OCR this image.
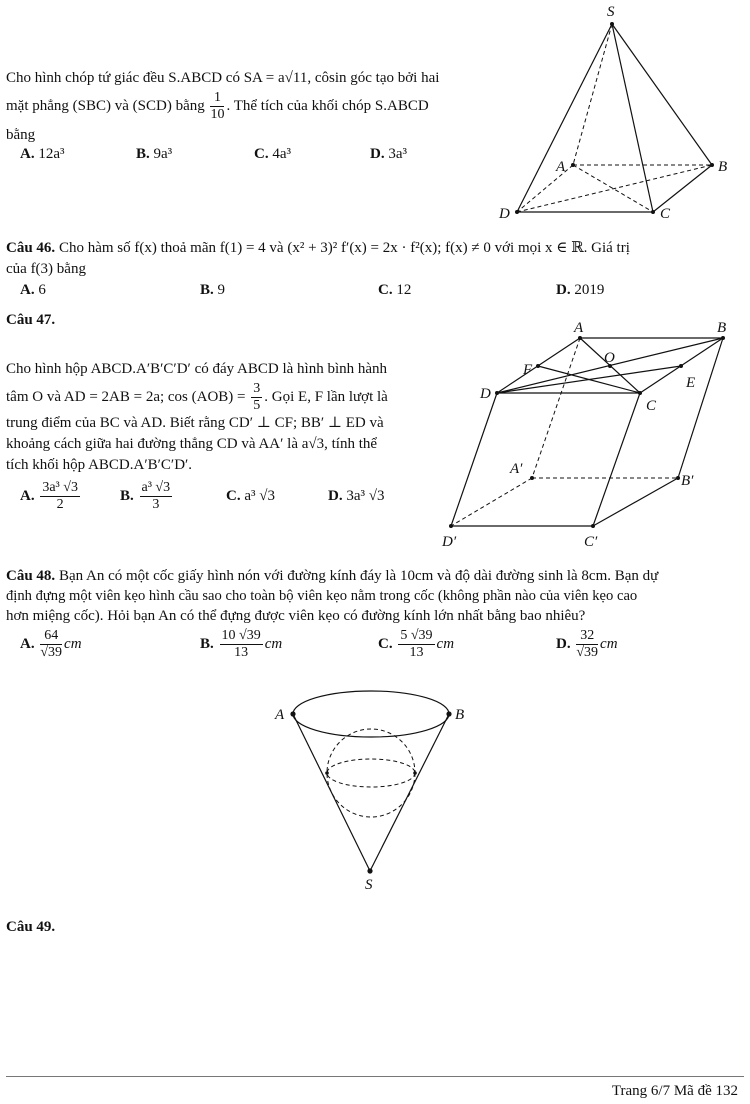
Cho hình chóp tứ giác đều S.ABCD có SA = a√11, côsin góc tạo bởi hai
mặt phẳng (SBC) và (SCD) bằng $\frac{1}{10}$ . Thể tích của khối chóp S.ABCD
bằng
A. 12a³	B. 9a³	C. 4a³	D. 3a³
S
A	B
C
D
Câu 46. Cho hàm số f(x) thoả mãn f(1) = 4 và (x² + 3)² f′(x) = 2x · f²(x); f(x) ≠ 0 với mọi x ∈ ℝ. Giá trị
của f(3) bằng
A. 6	B. 9	C. 12	D. 2019
Câu 47.
Cho hình hộp ABCD.A′B′C′D′ có đáy ABCD là hình bình hành
tâm O và AD = 2AB = 2a; $\cos (AOB) = \frac{3}{5}$ . Gọi E, F lần lượt là
trung điểm của BC và AD. Biết rằng CD′ ⊥ CF; BB′ ⊥ ED và
khoảng cách giữa hai đường thẳng CD và AA′ là a√3, tính thể
tích khối hộp ABCD.A′B′C′D′.
A. $\frac{\text{3a³ √3}}{2}$	B. $\frac{\text{a³ √3}}{3}$	C. a³ √3	D. 3a³ √3
A	B
C
D
O
E
F
A′
B′
C′
D′
Câu 48. Bạn An có một cốc giấy hình nón với đường kính đáy là 10cm và độ dài đường sinh là 8cm. Bạn dự
định đựng một viên kẹo hình cầu sao cho toàn bộ viên kẹo nằm trong cốc (không phần nào của viên kẹo cao
hơn miệng cốc). Hỏi bạn An có thể đựng được viên kẹo có đường kính lớn nhất bằng bao nhiêu?
A. $\frac{64}{√39}$ cm	B. $\frac{10 √39}{13}$ cm	C. $\frac{5 √39}{13}$ cm	D. $\frac{32}{√39}$ cm
A	B
S
Câu 49.
Trang 6/7 Mã đề 132
